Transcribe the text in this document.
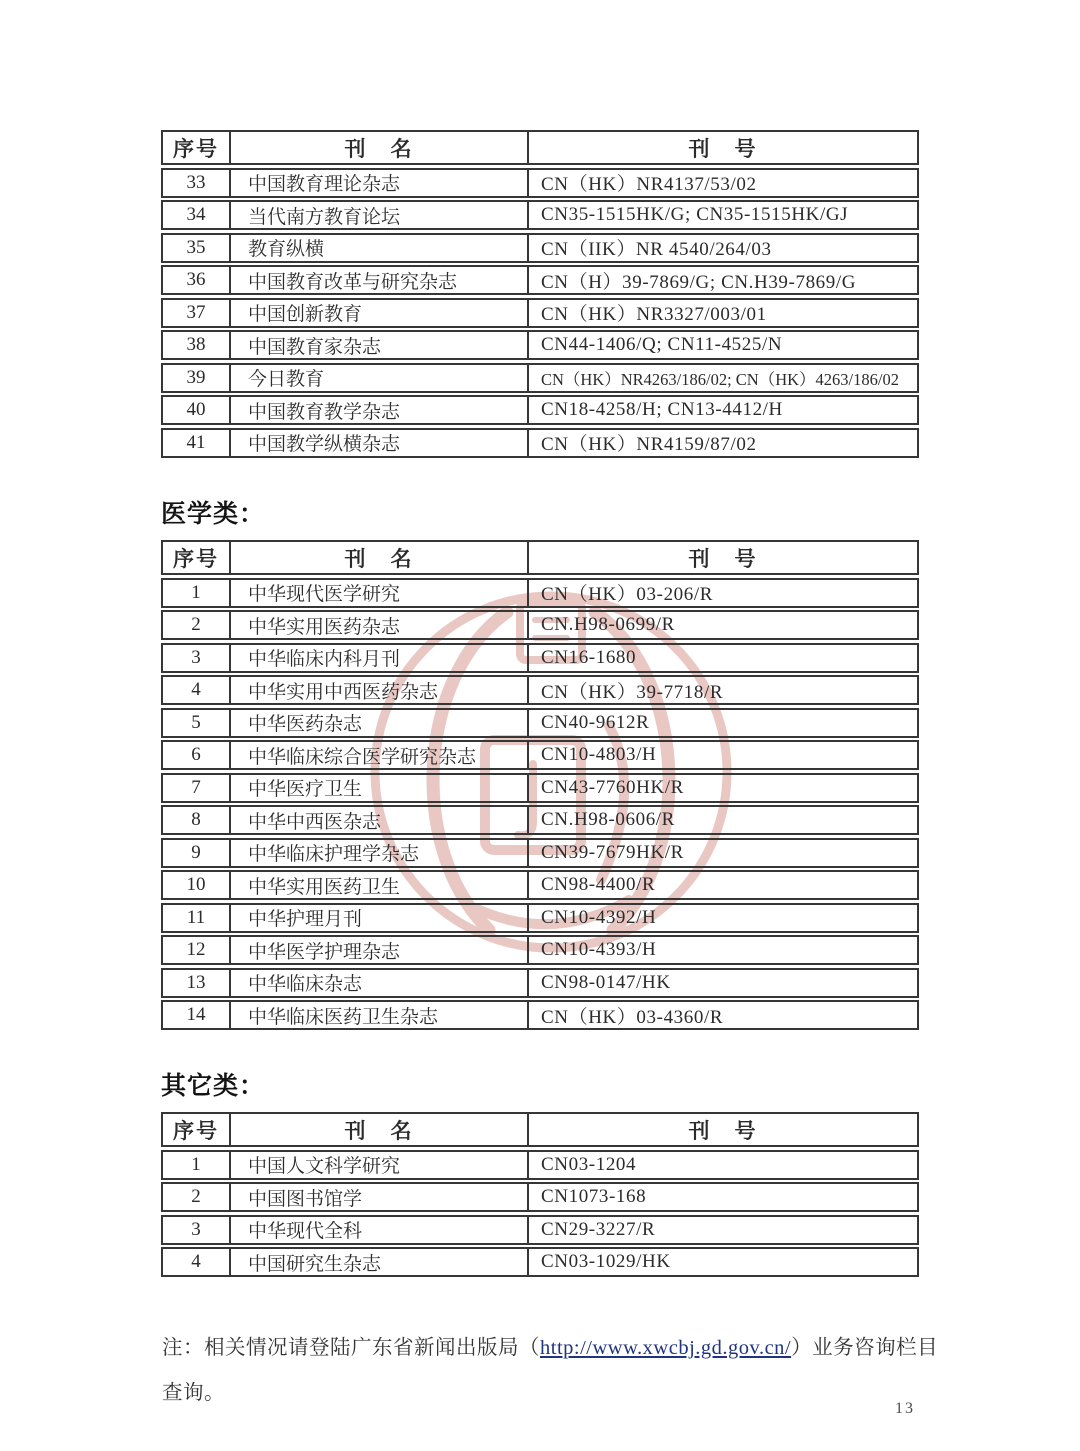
序号	刊　名	刊　号
33	中国教育理论杂志	CN（HK）NR4137/53/02
34	当代南方教育论坛	CN35-1515HK/G; CN35-1515HK/GJ
35	教育纵横	CN（IIK）NR 4540/264/03
36	中国教育改革与研究杂志	CN（H）39-7869/G; CN.H39-7869/G
37	中国创新教育	CN（HK）NR3327/003/01
38	中国教育家杂志	CN44-1406/Q; CN11-4525/N
39	今日教育	CN（HK）NR4263/186/02; CN（HK）4263/186/02
40	中国教育教学杂志	CN18-4258/H; CN13-4412/H
41	中国教学纵横杂志	CN（HK）NR4159/87/02
医学类：
序号	刊　名	刊　号
1	中华现代医学研究	CN（HK）03-206/R
2	中华实用医药杂志	CN.H98-0699/R
3	中华临床内科月刊	CN16-1680
4	中华实用中西医药杂志	CN（HK）39-7718/R
5	中华医药杂志	CN40-9612R
6	中华临床综合医学研究杂志	CN10-4803/H
7	中华医疗卫生	CN43-7760HK/R
8	中华中西医杂志	CN.H98-0606/R
9	中华临床护理学杂志	CN39-7679HK/R
10	中华实用医药卫生	CN98-4400/R
11	中华护理月刊	CN10-4392/H
12	中华医学护理杂志	CN10-4393/H
13	中华临床杂志	CN98-0147/HK
14	中华临床医药卫生杂志	CN（HK）03-4360/R
其它类：
序号	刊　名	刊　号
1	中国人文科学研究	CN03-1204
2	中国图书馆学	CN1073-168
3	中华现代全科	CN29-3227/R
4	中国研究生杂志	CN03-1029/HK

注：相关情况请登陆广东省新闻出版局（http://www.xwcbj.gd.gov.cn/）业务咨询栏目查询。

13
